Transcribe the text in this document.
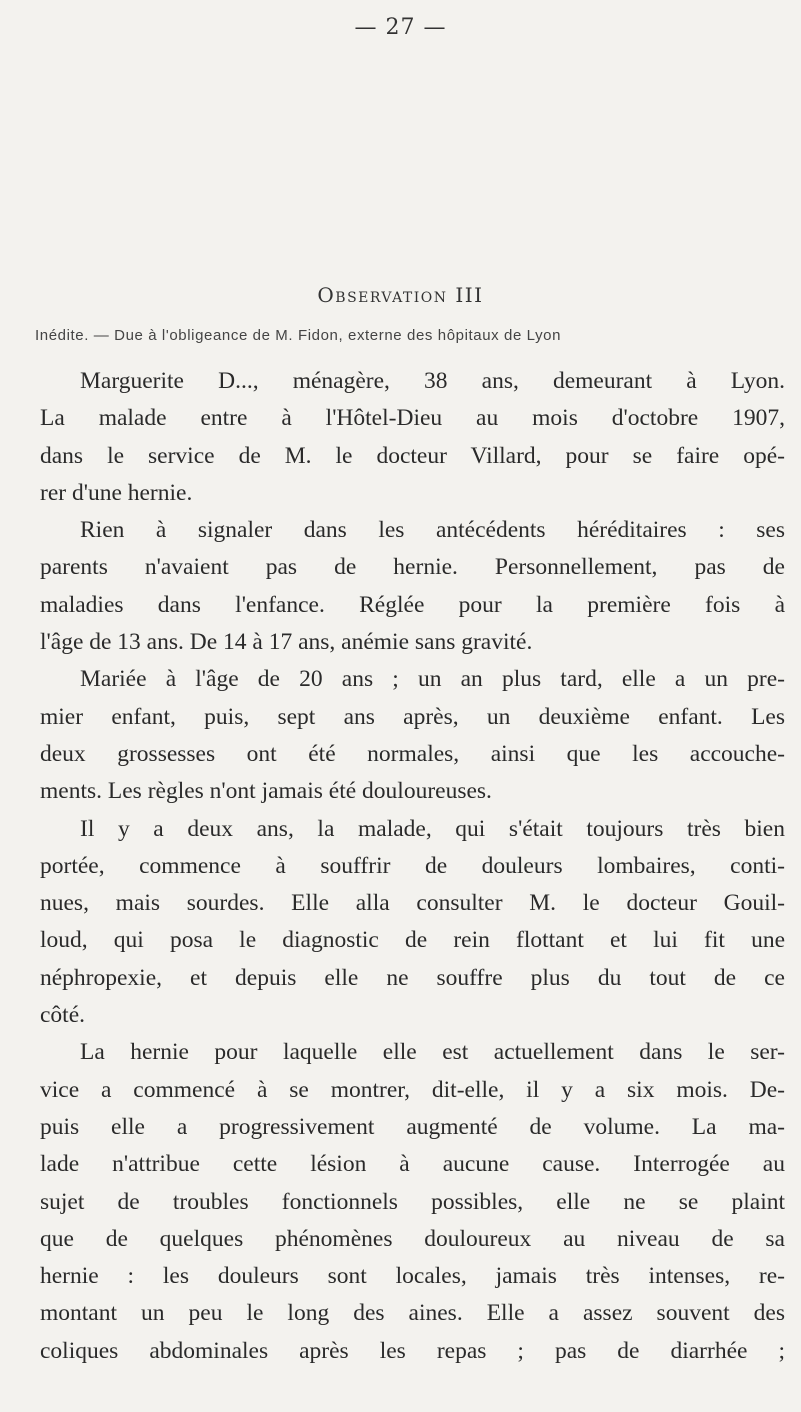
— 27 —
Observation III
Inédite. — Due à l'obligeance de M. Fidon, externe des hôpitaux de Lyon
Marguerite D..., ménagère, 38 ans, demeurant à Lyon.
La malade entre à l'Hôtel-Dieu au mois d'octobre 1907,
dans le service de M. le docteur Villard, pour se faire opé-
rer d'une hernie.
Rien à signaler dans les antécédents héréditaires : ses
parents n'avaient pas de hernie. Personnellement, pas de
maladies dans l'enfance. Réglée pour la première fois à
l'âge de 13 ans. De 14 à 17 ans, anémie sans gravité.
Mariée à l'âge de 20 ans ; un an plus tard, elle a un pre-
mier enfant, puis, sept ans après, un deuxième enfant. Les
deux grossesses ont été normales, ainsi que les accouche-
ments. Les règles n'ont jamais été douloureuses.
Il y a deux ans, la malade, qui s'était toujours très bien
portée, commence à souffrir de douleurs lombaires, conti-
nues, mais sourdes. Elle alla consulter M. le docteur Gouil-
loud, qui posa le diagnostic de rein flottant et lui fit une
néphropexie, et depuis elle ne souffre plus du tout de ce
côté.
La hernie pour laquelle elle est actuellement dans le ser-
vice a commencé à se montrer, dit-elle, il y a six mois. De-
puis elle a progressivement augmenté de volume. La ma-
lade n'attribue cette lésion à aucune cause. Interrogée au
sujet de troubles fonctionnels possibles, elle ne se plaint
que de quelques phénomènes douloureux au niveau de sa
hernie : les douleurs sont locales, jamais très intenses, re-
montant un peu le long des aines. Elle a assez souvent des
coliques abdominales après les repas ; pas de diarrhée ;
